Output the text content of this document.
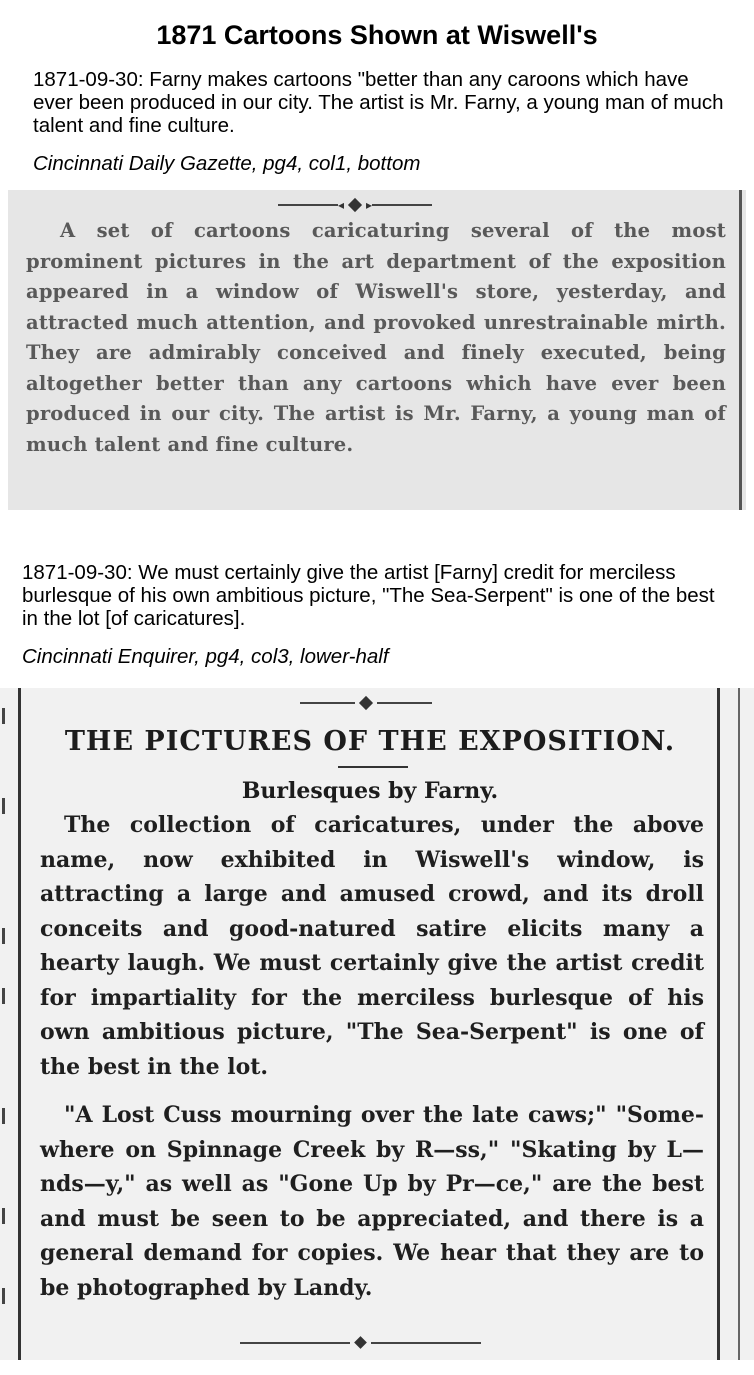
1871 Cartoons Shown at Wiswell's
1871-09-30: Farny makes cartoons "better than any caroons which have ever been produced in our city. The artist is Mr. Farny, a young man of much talent and fine culture.
Cincinnati Daily Gazette, pg4, col1, bottom
◂ ▸
A set of cartoons caricaturing several of the most prominent pictures in the art department of the exposition appeared in a window of Wiswell's store, yesterday, and attracted much attention, and provoked unrestrainable mirth. They are admirably conceived and finely executed, being altogether better than any cartoons which have ever been produced in our city. The artist is Mr. Farny, a young man of much talent and fine culture.
1871-09-30: We must certainly give the artist [Farny] credit for merciless burlesque of his own ambitious picture, "The Sea-Serpent" is one of the best in the lot [of caricatures].
Cincinnati Enquirer, pg4, col3, lower-half
THE PICTURES OF THE EXPOSITION.
Burlesques by Farny.
The collection of caricatures, under the above name, now exhibited in Wiswell's window, is attracting a large and amused crowd, and its droll conceits and good-natured satire elicits many a hearty laugh. We must certainly give the artist credit for impartiality for the merciless burlesque of his own ambitious picture, "The Sea-Serpent" is one of the best in the lot.
"A Lost Cuss mourning over the late caws;" "Some-where on Spinnage Creek by R—ss," "Skating by L—nds—y," as well as "Gone Up by Pr—ce," are the best and must be seen to be appreciated, and there is a general demand for copies. We hear that they are to be photographed by Landy.
